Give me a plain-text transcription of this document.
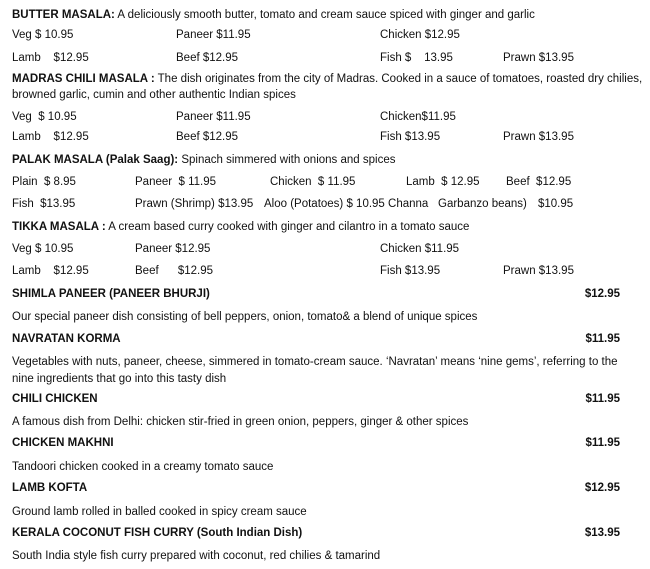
BUTTER MASALA: A deliciously smooth butter, tomato and cream sauce spiced with ginger and garlic
Veg $ 10.95	Paneer $11.95	Chicken $12.95
Lamb    $12.95	Beef $12.95	Fish $    13.95	Prawn $13.95
MADRAS CHILI MASALA : The dish originates from the city of Madras. Cooked in a sauce of tomatoes, roasted dry chilies,
browned garlic, cumin and other authentic Indian spices
Veg  $ 10.95	Paneer $11.95	Chicken$11.95
Lamb    $12.95	Beef $12.95	Fish $13.95	Prawn $13.95
PALAK MASALA (Palak Saag): Spinach simmered with onions and spices
Plain  $ 8.95	Paneer  $ 11.95	Chicken  $ 11.95	Lamb  $ 12.95 Beef  $12.95
Fish  $13.95	Prawn (Shrimp) $13.95 Aloo (Potatoes) $ 10.95 Channa Garbanzo beans) $10.95
TIKKA MASALA : A cream based curry cooked with ginger and cilantro in a tomato sauce
Veg $ 10.95	Paneer $12.95	Chicken $11.95
Lamb    $12.95	Beef      $12.95	Fish $13.95	Prawn $13.95
SHIMLA PANEER (PANEER BHURJI)	$12.95
Our special paneer dish consisting of bell peppers, onion, tomato& a blend of unique spices
NAVRATAN KORMA	$11.95
Vegetables with nuts, paneer, cheese, simmered in tomato-cream sauce. ‘Navratan’ means ‘nine gems’, referring to the nine ingredients that go into this tasty dish
CHILI CHICKEN	$11.95
A famous dish from Delhi: chicken stir-fried in green onion, peppers, ginger & other spices
CHICKEN MAKHNI	$11.95
Tandoori chicken cooked in a creamy tomato sauce
LAMB KOFTA	$12.95
Ground lamb rolled in balled cooked in spicy cream sauce
KERALA COCONUT FISH CURRY (South Indian Dish)	$13.95
South India style fish curry prepared with coconut, red chilies & tamarind
